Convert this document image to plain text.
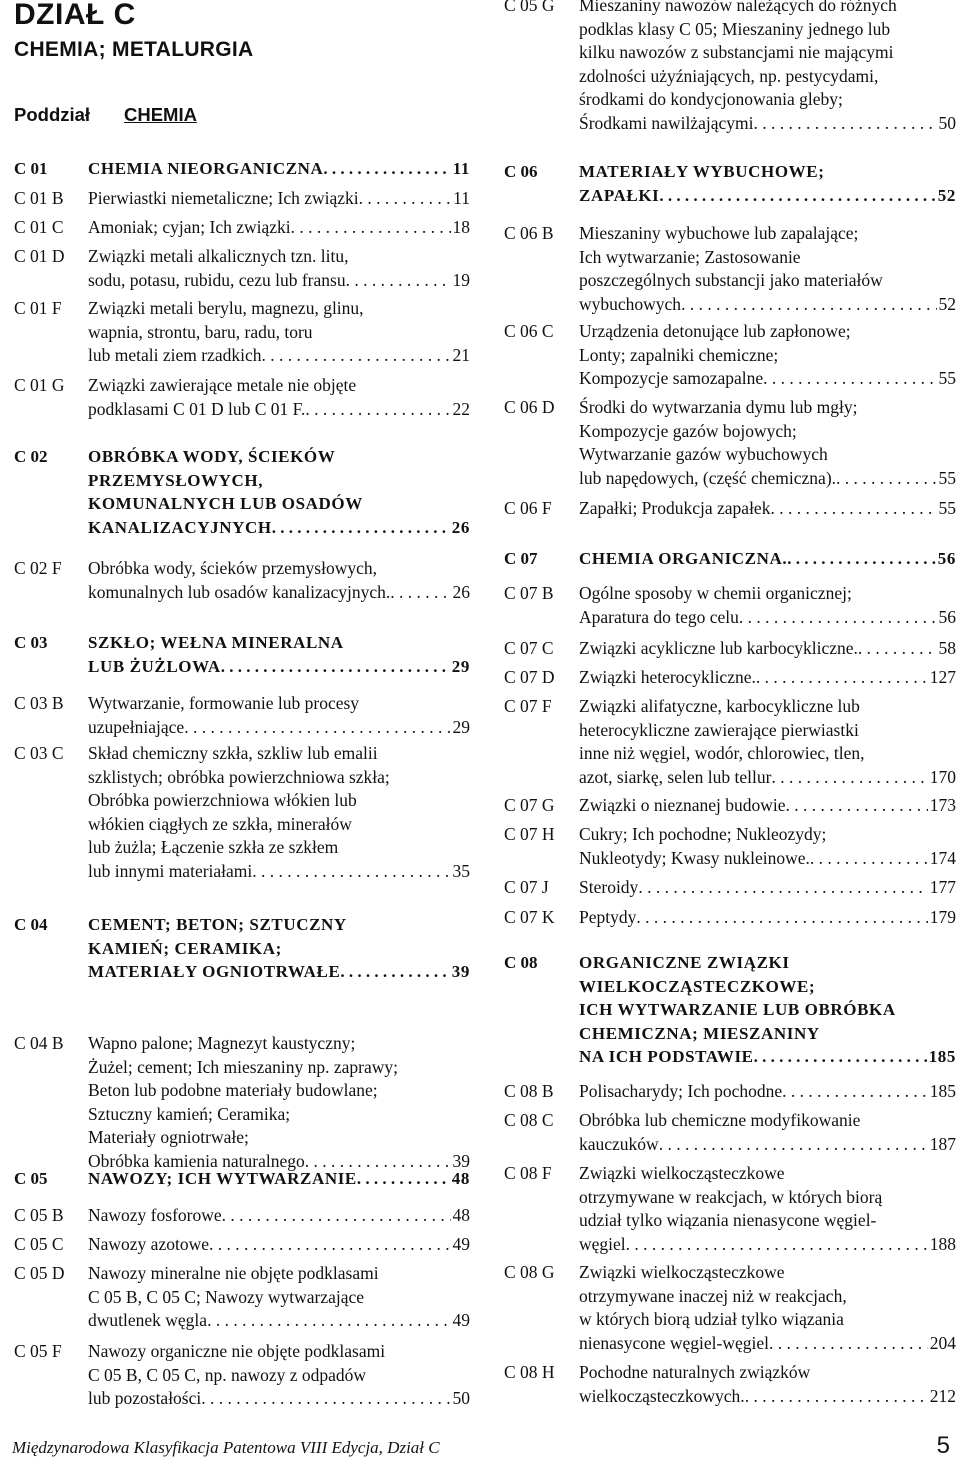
DZIAŁ C
CHEMIA; METALURGIA
Poddział CHEMIA
C 01 CHEMIA NIEORGANICZNA . . .	11
C 01 B Pierwiastki niemetaliczne; Ich związki . . .	11
C 01 C Amoniak; cyjan; Ich związki . . .	18
C 01 D Związki metali alkalicznych tzn. litu,
sodu, potasu, rubidu, cezu lub fransu . . .	19
C 01 F Związki metali berylu, magnezu, glinu,
wapnia, strontu, baru, radu, toru
lub metali ziem rzadkich . . .	21
C 01 G Związki zawierające metale nie objęte
podklasami C 01 D lub C 01 F. . . .	22
C 02 OBRÓBKA WODY, ŚCIEKÓW
PRZEMYSŁOWYCH,
KOMUNALNYCH LUB OSADÓW
KANALIZACYJNYCH . . .	26
C 02 F Obróbka wody, ścieków przemysłowych,
komunalnych lub osadów kanalizacyjnych. . . .	26
C 03 SZKŁO; WEŁNA MINERALNA
LUB ŻUŻLOWA . . .	29
C 03 B Wytwarzanie, formowanie lub procesy
uzupełniające . . .	29
C 03 C Skład chemiczny szkła, szkliw lub emalii
szklistych; obróbka powierzchniowa szkła;
Obróbka powierzchniowa włókien lub
włókien ciągłych ze szkła, minerałów
lub żużla; Łączenie szkła ze szkłem
lub innymi materiałami . . .	35
C 04 CEMENT; BETON; SZTUCZNY
KAMIEŃ; CERAMIKA;
MATERIAŁY OGNIOTRWAŁE . . .	39
C 04 B Wapno palone; Magnezyt kaustyczny;
Żużel; cement; Ich mieszaniny np. zaprawy;
Beton lub podobne materiały budowlane;
Sztuczny kamień; Ceramika;
Materiały ogniotrwałe;
Obróbka kamienia naturalnego . . .	39
C 05 NAWOZY; ICH WYTWARZANIE . . .	48
C 05 B Nawozy fosforowe . . .	48
C 05 C Nawozy azotowe . . .	49
C 05 D Nawozy mineralne nie objęte podklasami
C 05 B, C 05 C; Nawozy wytwarzające
dwutlenek węgla . . .	49
C 05 F Nawozy organiczne nie objęte podklasami
C 05 B, C 05 C, np. nawozy z odpadów
lub pozostałości . . .	50
C 05 G Mieszaniny nawozów należących do różnych
podklas klasy C 05; Mieszaniny jednego lub
kilku nawozów z substancjami nie mającymi
zdolności użyźniających, np. pestycydami,
środkami do kondycjonowania gleby;
Środkami nawilżającymi . . .	50
C 06 MATERIAŁY WYBUCHOWE;
ZAPAŁKI . . .	52
C 06 B Mieszaniny wybuchowe lub zapalające;
Ich wytwarzanie; Zastosowanie
poszczególnych substancji jako materiałów
wybuchowych . . .	52
C 06 C Urządzenia detonujące lub zapłonowe;
Lonty; zapalniki chemiczne;
Kompozycje samozapalne . . .	55
C 06 D Środki do wytwarzania dymu lub mgły;
Kompozycje gazów bojowych;
Wytwarzanie gazów wybuchowych
lub napędowych, (część chemiczna). . . .	55
C 06 F Zapałki; Produkcja zapałek . . .	55
C 07 CHEMIA ORGANICZNA. . . .	56
C 07 B Ogólne sposoby w chemii organicznej;
Aparatura do tego celu . . .	56
C 07 C Związki acykliczne lub karbocykliczne. . . .	58
C 07 D Związki heterocykliczne. . . .	127
C 07 F Związki alifatyczne, karbocykliczne lub
heterocykliczne zawierające pierwiastki
inne niż węgiel, wodór, chlorowiec, tlen,
azot, siarkę, selen lub tellur . . .	170
C 07 G Związki o nieznanej budowie . . .	173
C 07 H Cukry; Ich pochodne; Nukleozydy;
Nukleotydy; Kwasy nukleinowe. . . .	174
C 07 J Steroidy . . .	177
C 07 K Peptydy . . .	179
C 08 ORGANICZNE ZWIĄZKI
WIELKOCZĄSTECZKOWE;
ICH WYTWARZANIE LUB OBRÓBKA
CHEMICZNA; MIESZANINY
NA ICH PODSTAWIE . . .	185
C 08 B Polisacharydy; Ich pochodne . . .	185
C 08 C Obróbka lub chemiczne modyfikowanie
kauczuków . . .	187
C 08 F Związki wielkocząsteczkowe
otrzymywane w reakcjach, w których biorą
udział tylko wiązania nienasycone węgiel-
węgiel . . .	188
C 08 G Związki wielkocząsteczkowe
otrzymywane inaczej niż w reakcjach,
w których biorą udział tylko wiązania
nienasycone węgiel-węgiel . . .	204
C 08 H Pochodne naturalnych związków
wielkocząsteczkowych. . . .	212
Międzynarodowa Klasyfikacja Patentowa VIII Edycja, Dział C	5
